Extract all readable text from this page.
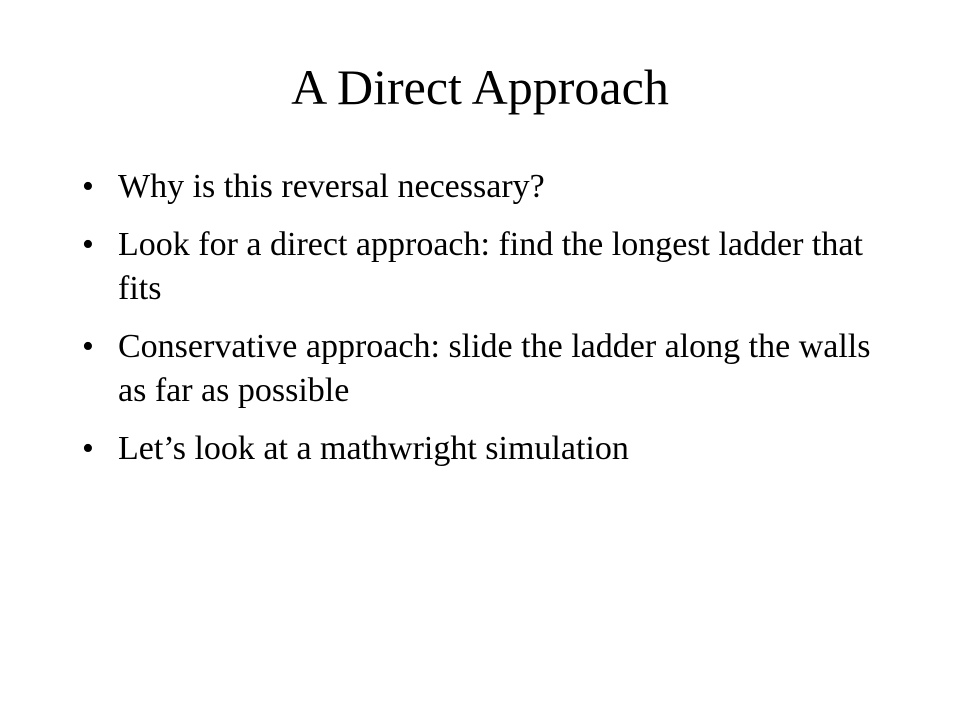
A Direct Approach
• Why is this reversal necessary?
• Look for a direct approach: find the longest ladder that fits
• Conservative approach: slide the ladder along the walls as far as possible
• Let’s look at a mathwright simulation
